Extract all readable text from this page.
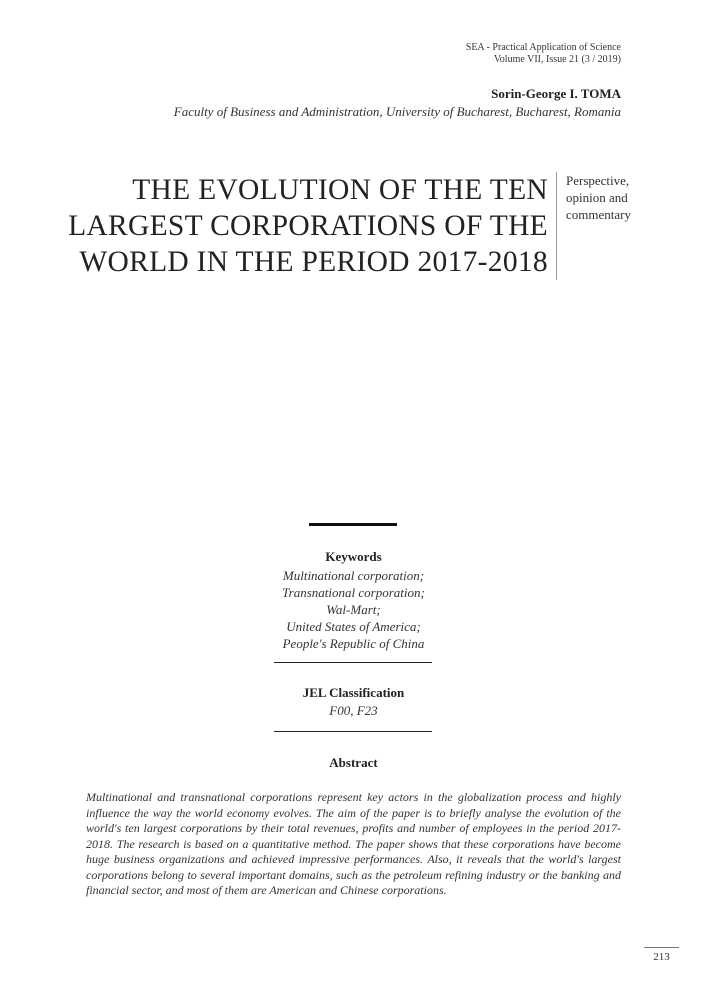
SEA - Practical Application of Science
Volume VII, Issue 21 (3 / 2019)
Sorin-George I. TOMA
Faculty of Business and Administration, University of Bucharest, Bucharest, Romania
THE EVOLUTION OF THE TEN
LARGEST CORPORATIONS OF THE
WORLD IN THE PERIOD 2017-2018
Perspective,
opinion and
commentary
Keywords
Multinational corporation;
Transnational corporation;
Wal-Mart;
United States of America;
People's Republic of China
JEL Classification
F00, F23
Abstract
Multinational and transnational corporations represent key actors in the globalization process and highly influence the way the world economy evolves. The aim of the paper is to briefly analyse the evolution of the world's ten largest corporations by their total revenues, profits and number of employees in the period 2017-2018. The research is based on a quantitative method. The paper shows that these corporations have become huge business organizations and achieved impressive performances. Also, it reveals that the world's largest corporations belong to several important domains, such as the petroleum refining industry or the banking and financial sector, and most of them are American and Chinese corporations.
213
